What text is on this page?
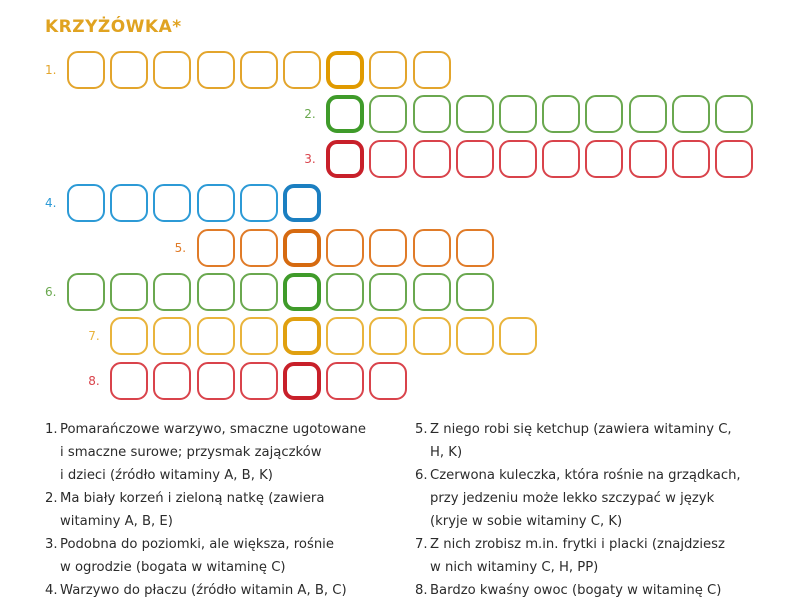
KRZYŻÓWKA*
1.
2.
3.
4.
5.
6.
7.
8.
1. Pomarańczowe warzywo, smaczne ugotowane
i smaczne surowe; przysmak zajączków
i dzieci (źródło witaminy A, B, K)
2. Ma biały korzeń i zieloną natkę (zawiera
witaminy A, B, E)
3. Podobna do poziomki, ale większa, rośnie
w ogrodzie (bogata w witaminę C)
4. Warzywo do płaczu (źródło witamin A, B, C)
5. Z niego robi się ketchup (zawiera witaminy C,
H, K)
6. Czerwona kuleczka, która rośnie na grządkach,
przy jedzeniu może lekko szczypać w język
(kryje w sobie witaminy C, K)
7. Z nich zrobisz m.in. frytki i placki (znajdziesz
w nich witaminy C, H, PP)
8. Bardzo kwaśny owoc (bogaty w witaminę C)
